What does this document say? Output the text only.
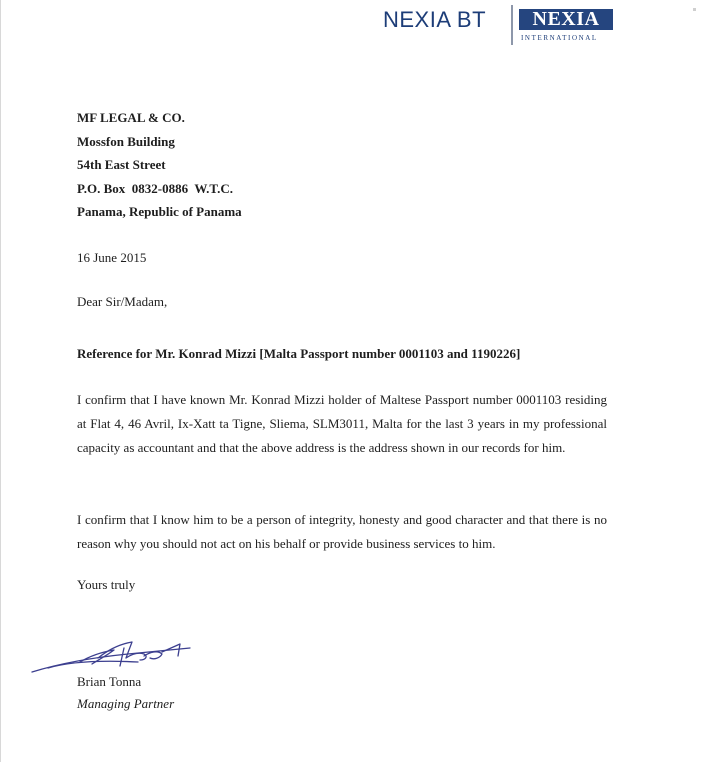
NEXIA BT	NEXIA
INTERNATIONAL
MF LEGAL & CO.
Mossfon Building
54th East Street
P.O. Box  0832-0886  W.T.C.
Panama, Republic of Panama
16 June 2015
Dear Sir/Madam,
Reference for Mr. Konrad Mizzi [Malta Passport number 0001103 and 1190226]

I confirm that I have known Mr. Konrad Mizzi holder of Maltese Passport number 0001103 residing at Flat 4, 46 Avril, Ix-Xatt ta Tigne, Sliema, SLM3011, Malta for the last 3 years in my professional capacity as accountant and that the above address is the address shown in our records for him.

I confirm that I know him to be a person of integrity, honesty and good character and that there is no reason why you should not act on his behalf or provide business services to him.

Yours truly
Brian Tonna
Managing Partner
